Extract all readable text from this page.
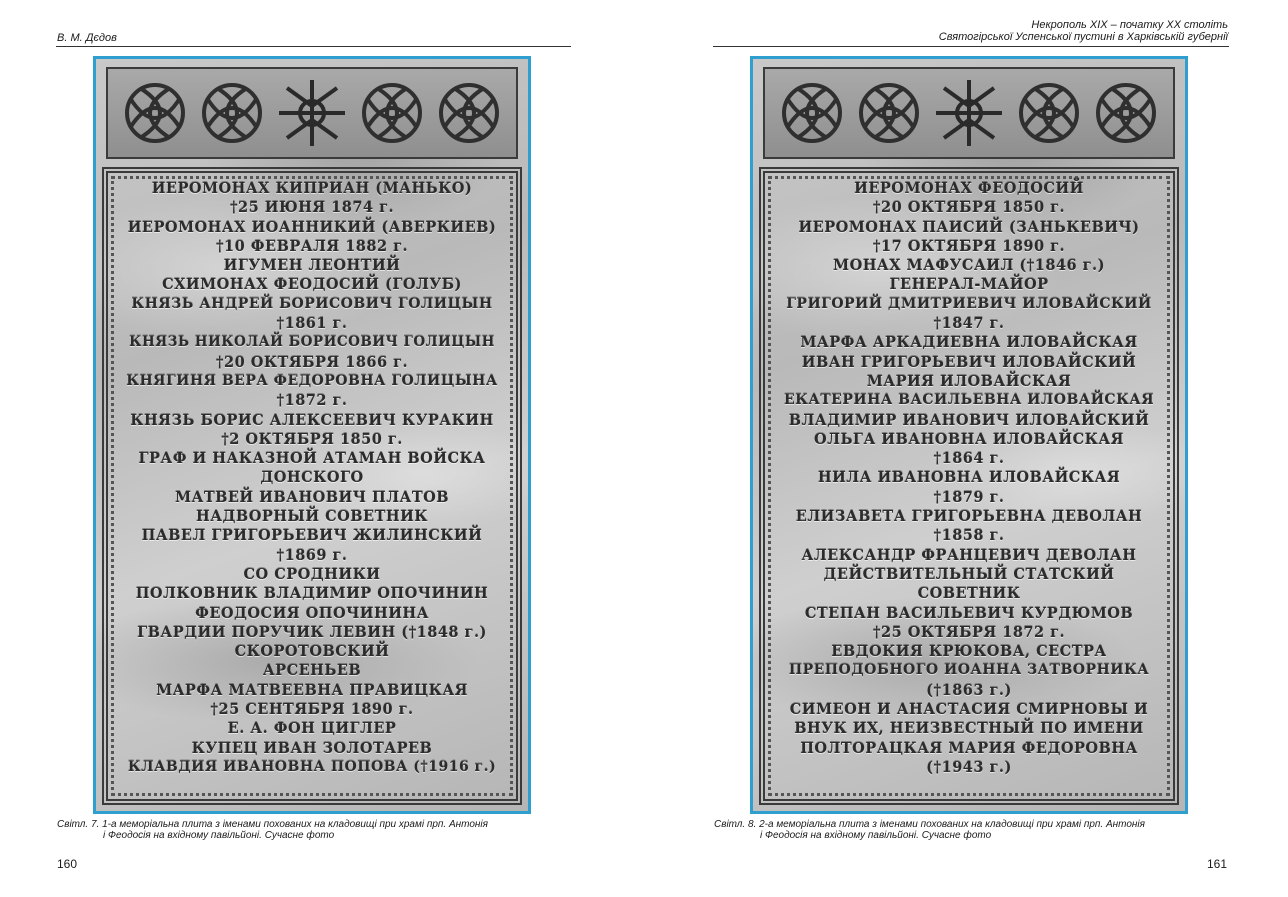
В. М. Дєдов
ИЕРОМОНАХ КИПРИАН (МАНЬКО)
†25 ИЮНЯ 1874 г.
ИЕРОМОНАХ ИОАННИКИЙ (АВЕРКИЕВ)
†10 ФЕВРАЛЯ 1882 г.
ИГУМЕН ЛЕОНТИЙ
СХИМОНАХ ФЕОДОСИЙ (ГОЛУБ)
КНЯЗЬ АНДРЕЙ БОРИСОВИЧ ГОЛИЦЫН
†1861 г.
КНЯЗЬ НИКОЛАЙ БОРИСОВИЧ ГОЛИЦЫН
†20 ОКТЯБРЯ 1866 г.
КНЯГИНЯ ВЕРА ФЕДОРОВНА ГОЛИЦЫНА
†1872 г.
КНЯЗЬ БОРИС АЛЕКСЕЕВИЧ КУРАКИН
†2 ОКТЯБРЯ 1850 г.
ГРАФ И НАКАЗНОЙ АТАМАН ВОЙСКА
ДОНСКОГО
МАТВЕЙ ИВАНОВИЧ ПЛАТОВ
НАДВОРНЫЙ СОВЕТНИК
ПАВЕЛ ГРИГОРЬЕВИЧ ЖИЛИНСКИЙ
†1869 г.
СО СРОДНИКИ
ПОЛКОВНИК ВЛАДИМИР ОПОЧИНИН
ФЕОДОСИЯ ОПОЧИНИНА
ГВАРДИИ ПОРУЧИК ЛЕВИН (†1848 г.)
СКОРОТОВСКИЙ
АРСЕНЬЕВ
МАРФА МАТВЕЕВНА ПРАВИЦКАЯ
†25 СЕНТЯБРЯ 1890 г.
Е. А. ФОН ЦИГЛЕР
КУПЕЦ ИВАН ЗОЛОТАРЕВ
КЛАВДИЯ ИВАНОВНА ПОПОВА (†1916 г.)
Світл. 7. 1-а меморіальна плита з іменами похованих на кладовищі при храмі прп. Антонія
і Феодосія на вхідному павільйоні. Сучасне фото
160
Некрополь ХІХ – початку ХХ століть
Святогірської Успенської пустині в Харківській губернії
ИЕРОМОНАХ ФЕОДОСИЙ
†20 ОКТЯБРЯ 1850 г.
ИЕРОМОНАХ ПАИСИЙ (ЗАНЬКЕВИЧ)
†17 ОКТЯБРЯ 1890 г.
МОНАХ МАФУСАИЛ (†1846 г.)
ГЕНЕРАЛ-МАЙОР
ГРИГОРИЙ ДМИТРИЕВИЧ ИЛОВАЙСКИЙ
†1847 г.
МАРФА АРКАДИЕВНА ИЛОВАЙСКАЯ
ИВАН ГРИГОРЬЕВИЧ ИЛОВАЙСКИЙ
МАРИЯ ИЛОВАЙСКАЯ
ЕКАТЕРИНА ВАСИЛЬЕВНА ИЛОВАЙСКАЯ
ВЛАДИМИР ИВАНОВИЧ ИЛОВАЙСКИЙ
ОЛЬГА ИВАНОВНА ИЛОВАЙСКАЯ
†1864 г.
НИЛА ИВАНОВНА ИЛОВАЙСКАЯ
†1879 г.
ЕЛИЗАВЕТА ГРИГОРЬЕВНА ДЕВОЛАН
†1858 г.
АЛЕКСАНДР ФРАНЦЕВИЧ ДЕВОЛАН
ДЕЙСТВИТЕЛЬНЫЙ СТАТСКИЙ
СОВЕТНИК
СТЕПАН ВАСИЛЬЕВИЧ КУРДЮМОВ
†25 ОКТЯБРЯ 1872 г.
ЕВДОКИЯ КРЮКОВА, СЕСТРА
ПРЕПОДОБНОГО ИОАННА ЗАТВОРНИКА
(†1863 г.)
СИМЕОН И АНАСТАСИЯ СМИРНОВЫ И
ВНУК ИХ, НЕИЗВЕСТНЫЙ ПО ИМЕНИ
ПОЛТОРАЦКАЯ МАРИЯ ФЕДОРОВНА
(†1943 г.)
Світл. 8. 2-а меморіальна плита з іменами похованих на кладовищі при храмі прп. Антонія
і Феодосія на вхідному павільйоні. Сучасне фото
161
